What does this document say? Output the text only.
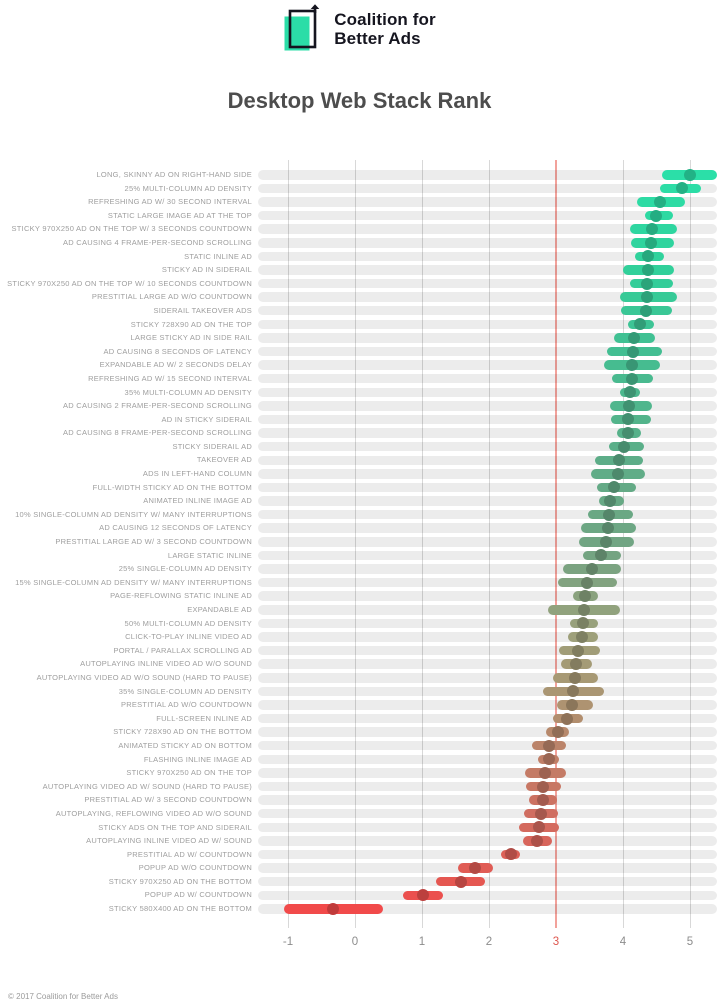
Coalition for
Better Ads
Desktop Web Stack Rank
LONG, SKINNY AD ON RIGHT-HAND SIDE
25% MULTI-COLUMN AD DENSITY
REFRESHING AD W/ 30 SECOND INTERVAL
STATIC LARGE IMAGE AD AT THE TOP
STICKY 970X250 AD ON THE TOP W/ 3 SECONDS COUNTDOWN
AD CAUSING 4 FRAME-PER-SECOND SCROLLING
STATIC INLINE AD
STICKY AD IN SIDERAIL
STICKY 970X250 AD ON THE TOP W/ 10 SECONDS COUNTDOWN
PRESTITIAL LARGE AD W/O COUNTDOWN
SIDERAIL TAKEOVER ADS
STICKY 728X90 AD ON THE TOP
LARGE STICKY AD IN SIDE RAIL
AD CAUSING 8 SECONDS OF LATENCY
EXPANDABLE AD W/ 2 SECONDS DELAY
REFRESHING AD W/ 15 SECOND INTERVAL
35% MULTI-COLUMN AD DENSITY
AD CAUSING 2 FRAME-PER-SECOND SCROLLING
AD IN STICKY SIDERAIL
AD CAUSING 8 FRAME-PER-SECOND SCROLLING
STICKY SIDERAIL AD
TAKEOVER AD
ADS IN LEFT-HAND COLUMN
FULL-WIDTH STICKY AD ON THE BOTTOM
ANIMATED INLINE IMAGE AD
10% SINGLE-COLUMN AD DENSITY W/ MANY INTERRUPTIONS
AD CAUSING 12 SECONDS OF LATENCY
PRESTITIAL LARGE AD W/ 3 SECOND COUNTDOWN
LARGE STATIC INLINE
25% SINGLE-COLUMN AD DENSITY
15% SINGLE-COLUMN AD DENSITY W/ MANY INTERRUPTIONS
PAGE-REFLOWING STATIC INLINE AD
EXPANDABLE AD
50% MULTI-COLUMN AD DENSITY
CLICK-TO-PLAY INLINE VIDEO AD
PORTAL / PARALLAX SCROLLING AD
AUTOPLAYING INLINE VIDEO AD W/O SOUND
AUTOPLAYING VIDEO AD W/O SOUND (HARD TO PAUSE)
35% SINGLE-COLUMN AD DENSITY
PRESTITIAL AD W/O COUNTDOWN
FULL-SCREEN INLINE AD
STICKY 728X90 AD ON THE BOTTOM
ANIMATED STICKY AD ON BOTTOM
FLASHING INLINE IMAGE AD
STICKY 970X250 AD ON THE TOP
AUTOPLAYING VIDEO AD W/ SOUND (HARD TO PAUSE)
PRESTITIAL AD W/ 3 SECOND COUNTDOWN
AUTOPLAYING, REFLOWING VIDEO AD W/O SOUND
STICKY ADS ON THE TOP AND SIDERAIL
AUTOPLAYING INLINE VIDEO AD W/ SOUND
PRESTITIAL AD W/ COUNTDOWN
POPUP AD W/O COUNTDOWN
STICKY 970X250 AD ON THE BOTTOM
POPUP AD W/ COUNTDOWN
STICKY 580X400 AD ON THE BOTTOM
-1	0	1	2	3	4	5
© 2017 Coalition for Better Ads
